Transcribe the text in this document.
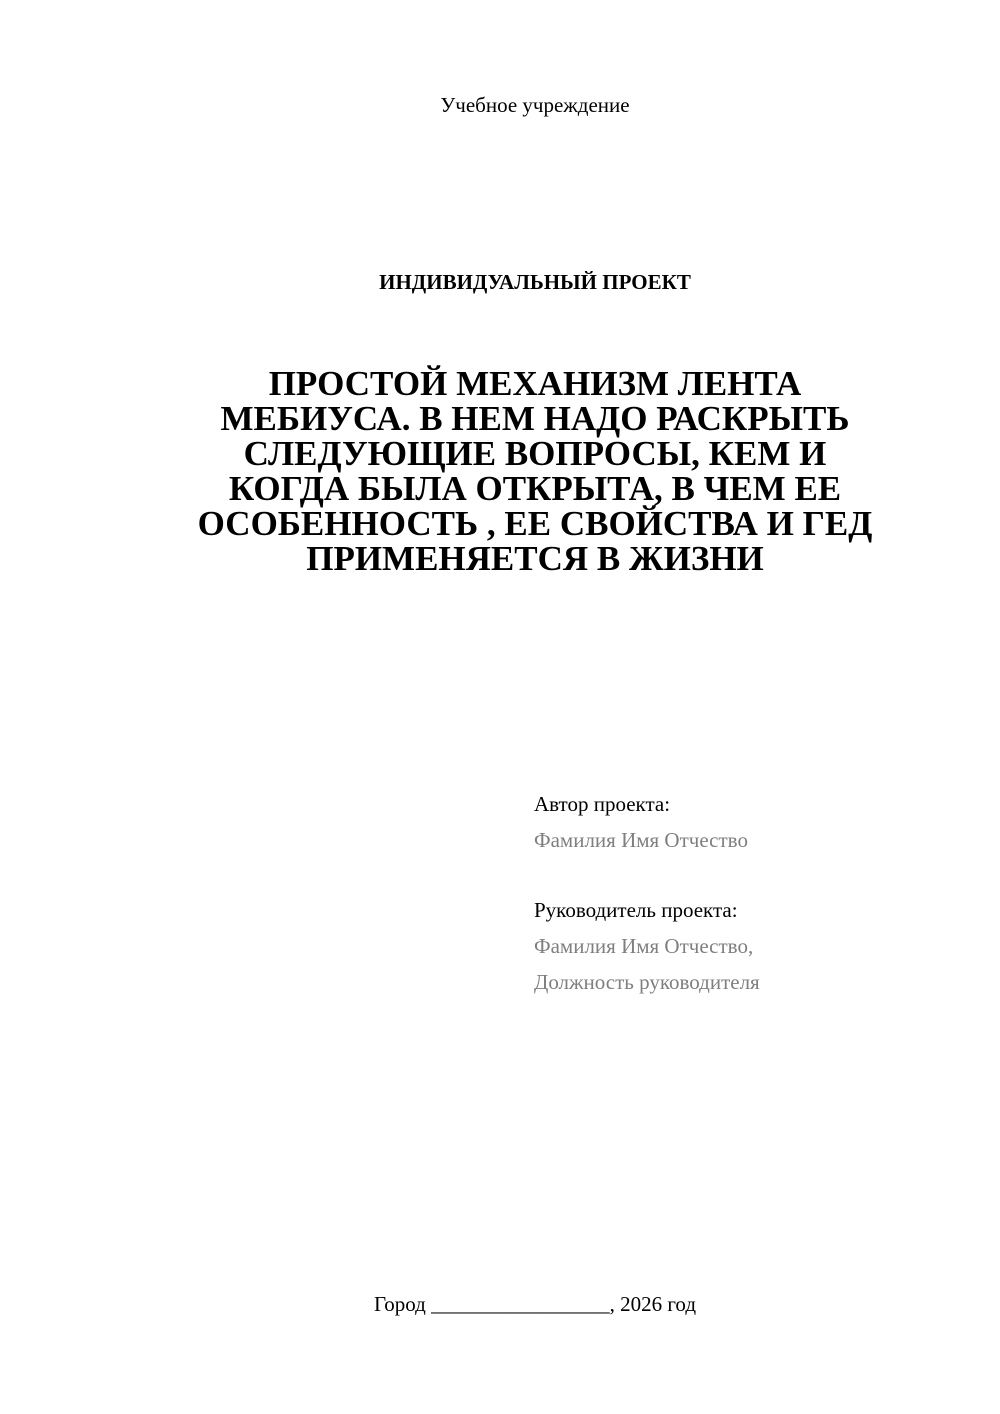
Учебное учреждение
ИНДИВИДУАЛЬНЫЙ ПРОЕКТ
ПРОСТОЙ МЕХАНИЗМ ЛЕНТА
МЕБИУСА. В НЕМ НАДО РАСКРЫТЬ
СЛЕДУЮЩИЕ ВОПРОСЫ, КЕМ И
КОГДА БЫЛА ОТКРЫТА, В ЧЕМ ЕЕ
ОСОБЕННОСТЬ , ЕЕ СВОЙСТВА И ГЕД
ПРИМЕНЯЕТСЯ В ЖИЗНИ
Автор проекта:
Фамилия Имя Отчество
Руководитель проекта:
Фамилия Имя Отчество,
Должность руководителя
Город _________________, 2026 год
